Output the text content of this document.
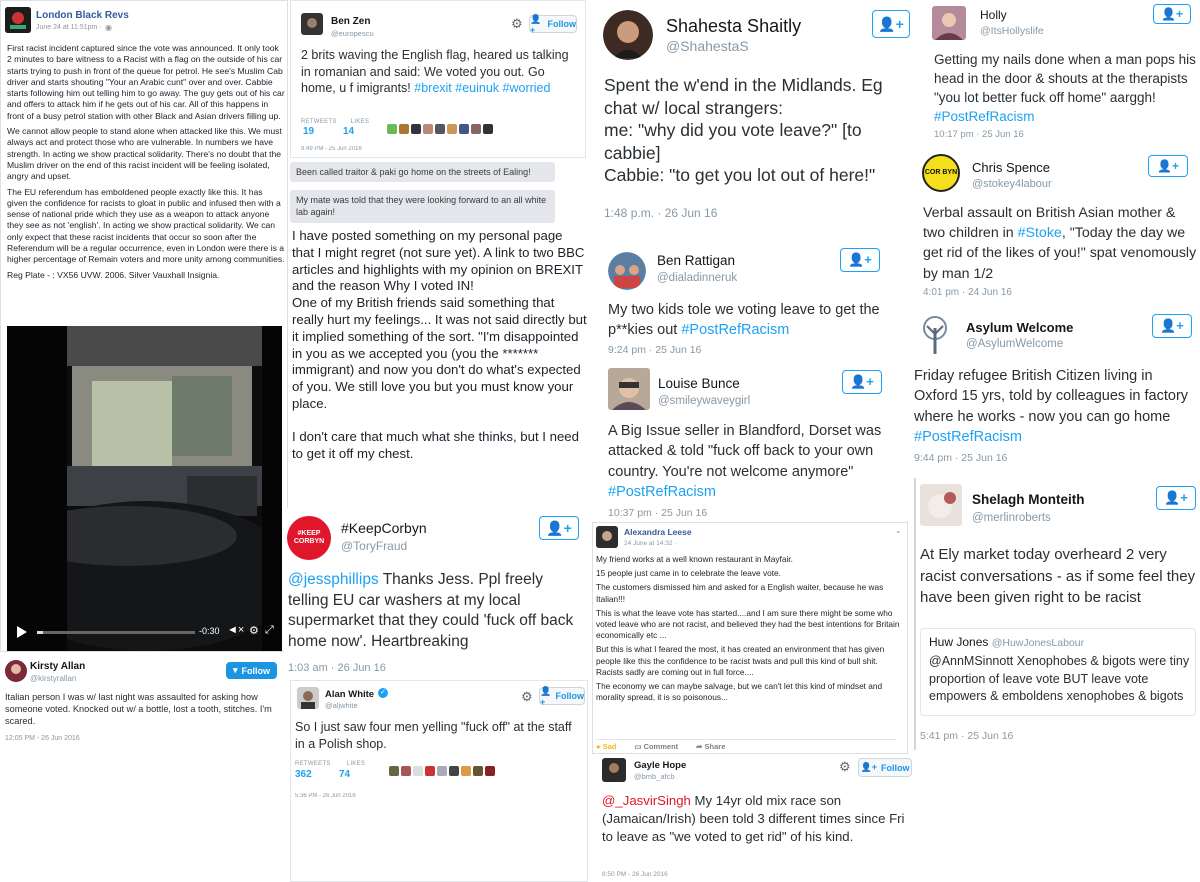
London Black Revs
June 24 at 11:51pm · ◉

First racist incident captured since the vote was announced. It only took 2 minutes to bare witness to a Racist with a flag on the outside of his car starts trying to push in front of the queue for petrol. He see's Muslim Cab driver and starts shouting "Your an Arabic cunt" over and over. Cabbie starts following him out telling him to go away. The guy gets out of his car and offers to attack him if he gets out of his car. All of this happens in front of a busy petrol station with other Black and Asian drivers filling up.

We cannot allow people to stand alone when attacked like this. We must always act and protect those who are vulnerable. In numbers we have strength. In acting we show practical solidarity. There's no doubt that the Muslim driver on the end of this racist incident will be feeling isolated, angry and upset.

The EU referendum has emboldened people exactly like this. It has given the confidence for racists to gloat in public and infused then with a sense of national pride which they use as a weapon to attack anyone they see as not 'english'. In acting we show practical solidarity. We can only expect that these racist incidents that occur so soon after the Referendum will be a regular occurrence, even in London were there is a higher percentage of Remain voters and more unity among communities.

Reg Plate - : VX56 UVW. 2006. Silver Vauxhall Insignia.

-0:30 ◄× ⚙ ⤢
Kirsty Allan
@kirstyrallan
▾ Follow
Italian person I was w/ last night was assaulted for asking how someone voted. Knocked out w/ a bottle, lost a tooth, stitches. I'm scared.
12:05 PM - 26 Jun 2016
Ben Zen
@europescu
⚙ 👤+
Follow
2 brits waving the English flag, heared us talking in romanian and said: We voted you out. Go home, u f imigrants! #brexit #euinuk #worried
RETWEETS LIKES
19	14
9:49 PM - 25 Jun 2016
Been called traitor & paki go home on the streets of Ealing!
My mate was told that they were looking forward to an all white lab again!
I have posted something on my personal page that I might regret (not sure yet). A link to two BBC articles and highlights with my opinion on BREXIT and the reason Why I voted IN!
One of my British friends said something that really hurt my feelings... It was not said directly but it implied something of the sort. "I'm disappointed in you as we accepted you (you the ******* immigrant) and now you don't do what's expected of you. We still love you but you must know your place.
I don't care that much what she thinks, but I need to get it off my chest.
#KEEP CORBYN
#KeepCorbyn
@ToryFraud
👤+
@jessphillips Thanks Jess. Ppl freely telling EU car washers at my local supermarket that they could 'fuck off back home now'. Heartbreaking
1:03 am · 26 Jun 16
Alan White ✓
@aljwhite
⚙ 👤+
Follow
So I just saw four men yelling "fuck off" at the staff in a Polish shop.
RETWEETS	LIKES
362	74
5:36 PM - 26 Jun 2016
Shahesta Shaitly
@ShahestaS
👤+
Spent the w'end in the Midlands. Eg
chat w/ local strangers:
me: "why did you vote leave?" [to
cabbie]
Cabbie: "to get you lot out of here!"
1:48 p.m. · 26 Jun 16
Ben Rattigan
@dialadinneruk
👤+
My two kids tole we voting leave to get the p**kies out #PostRefRacism
9:24 pm · 25 Jun 16
Louise Bunce
@smileywaveygirl
👤+
A Big Issue seller in Blandford, Dorset was attacked & told "fuck off back to your own country. You're not welcome anymore" #PostRefRacism
10:37 pm · 25 Jun 16
Alexandra Leese
24 June at 14:32 ·
⌄

My friend works at a well known restaurant in Mayfair.

15 people just came in to celebrate the leave vote.

The customers dismissed him and asked for a English waiter, because he was Italian!!!

This is what the leave vote has started....and I am sure there might be some who voted leave who are not racist, and believed they had the best intentions for Britain economically etc ...

But this is what I feared the most, it has created an environment that has given people like this the confidence to be racist twats and pull this kind of bull shit. Racists sadly are coming out in full force....

The economy we can maybe salvage, but we can't let this kind of mindset and morality spread, it is so poisonous...

● Sad ▭ Comment ➦ Share
Gayle Hope
@bmb_afcb
⚙ 👤+ Follow
@_JasvirSingh My 14yr old mix race son (Jamaican/Irish) been told 3 different times since Fri to leave as "we voted to get rid" of his kind.
8:50 PM - 26 Jun 2016
Holly
@ItsHollyslife
👤+
Getting my nails done when a man pops his head in the door & shouts at the therapists "you lot better fuck off home" aarggh! #PostRefRacism
10:17 pm · 25 Jun 16
COR BYN Chris Spence
@stokey4labour
👤+
Verbal assault on British Asian mother & two children in #Stoke, "Today the day we get rid of the likes of you!" spat venomously by man 1/2
4:01 pm · 24 Jun 16
Asylum Welcome
@AsylumWelcome
👤+
Friday refugee British Citizen living in Oxford 15 yrs, told by colleagues in factory where he works - now you can go home #PostRefRacism
9:44 pm · 25 Jun 16
Shelagh Monteith
@merlinroberts
👤+
At Ely market today overheard 2 very racist conversations - as if some feel they have been given right to be racist
Huw Jones @HuwJonesLabour
@AnnMSinnott Xenophobes & bigots were tiny proportion of leave vote BUT leave vote empowers & emboldens xenophobes & bigots
5:41 pm · 25 Jun 16
